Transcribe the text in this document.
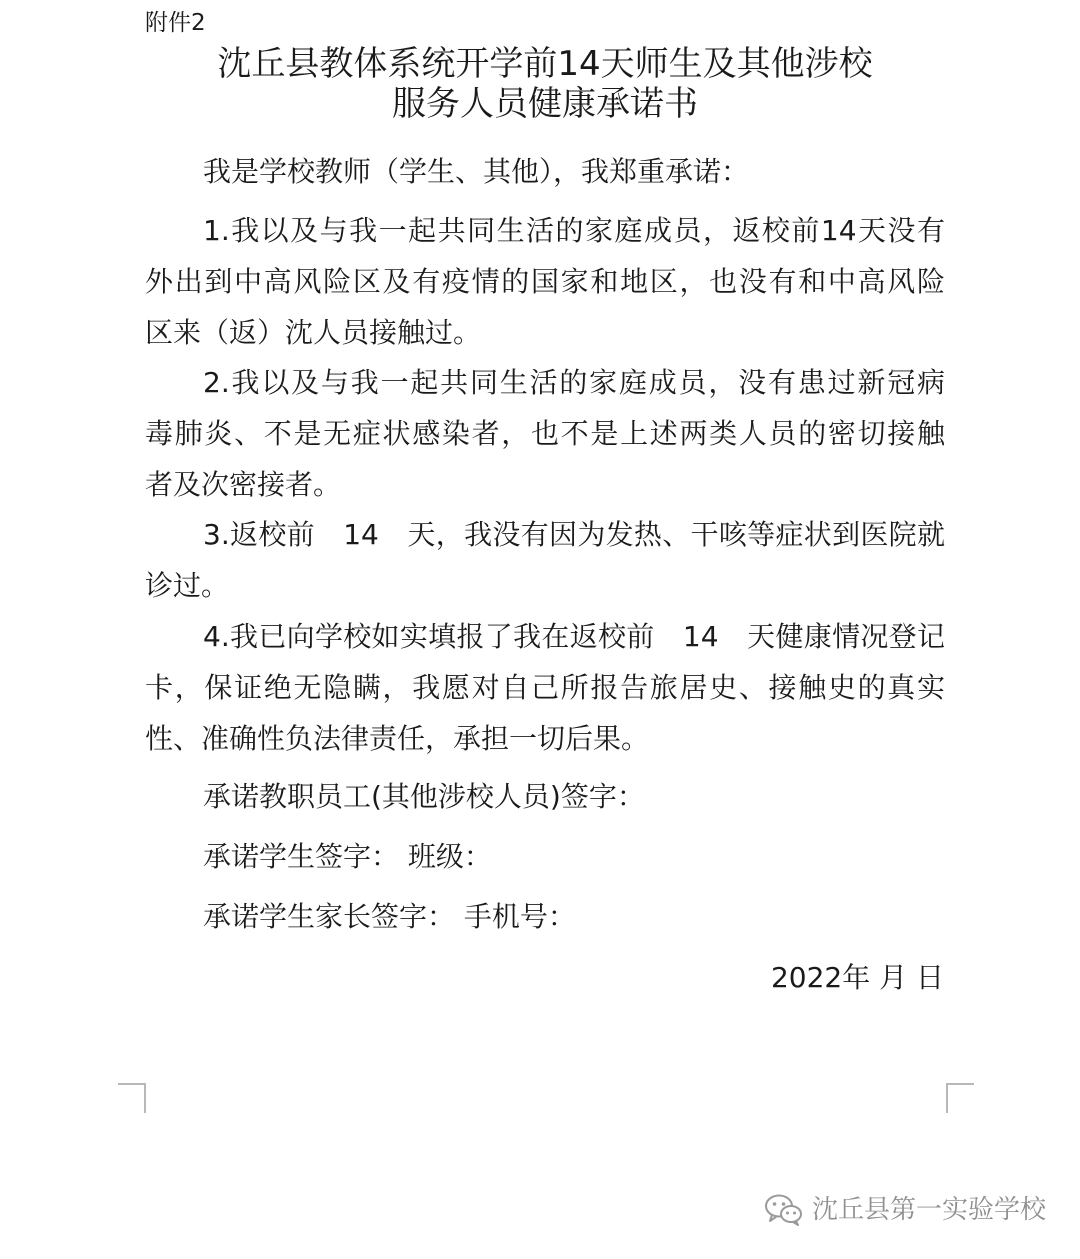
附件2
沈丘县教体系统开学前14天师生及其他涉校
服务人员健康承诺书

我是学校教师（学生、其他），我郑重承诺：

1.我以及与我一起共同生活的家庭成员，返校前14天没有
外出到中高风险区及有疫情的国家和地区，也没有和中高风险
区来（返）沈人员接触过。

2.我以及与我一起共同生活的家庭成员，没有患过新冠病
毒肺炎、不是无症状感染者，也不是上述两类人员的密切接触
者及次密接者。

3.返校前　14　天，我没有因为发热、干咳等症状到医院就
诊过。

4.我已向学校如实填报了我在返校前　14　天健康情况登记
卡，保证绝无隐瞒，我愿对自己所报告旅居史、接触史的真实
性、准确性负法律责任，承担一切后果。

承诺教职员工(其他涉校人员)签字：
承诺学生签字： 班级：
承诺学生家长签字： 手机号：
2022年 月 日
沈丘县第一实验学校
